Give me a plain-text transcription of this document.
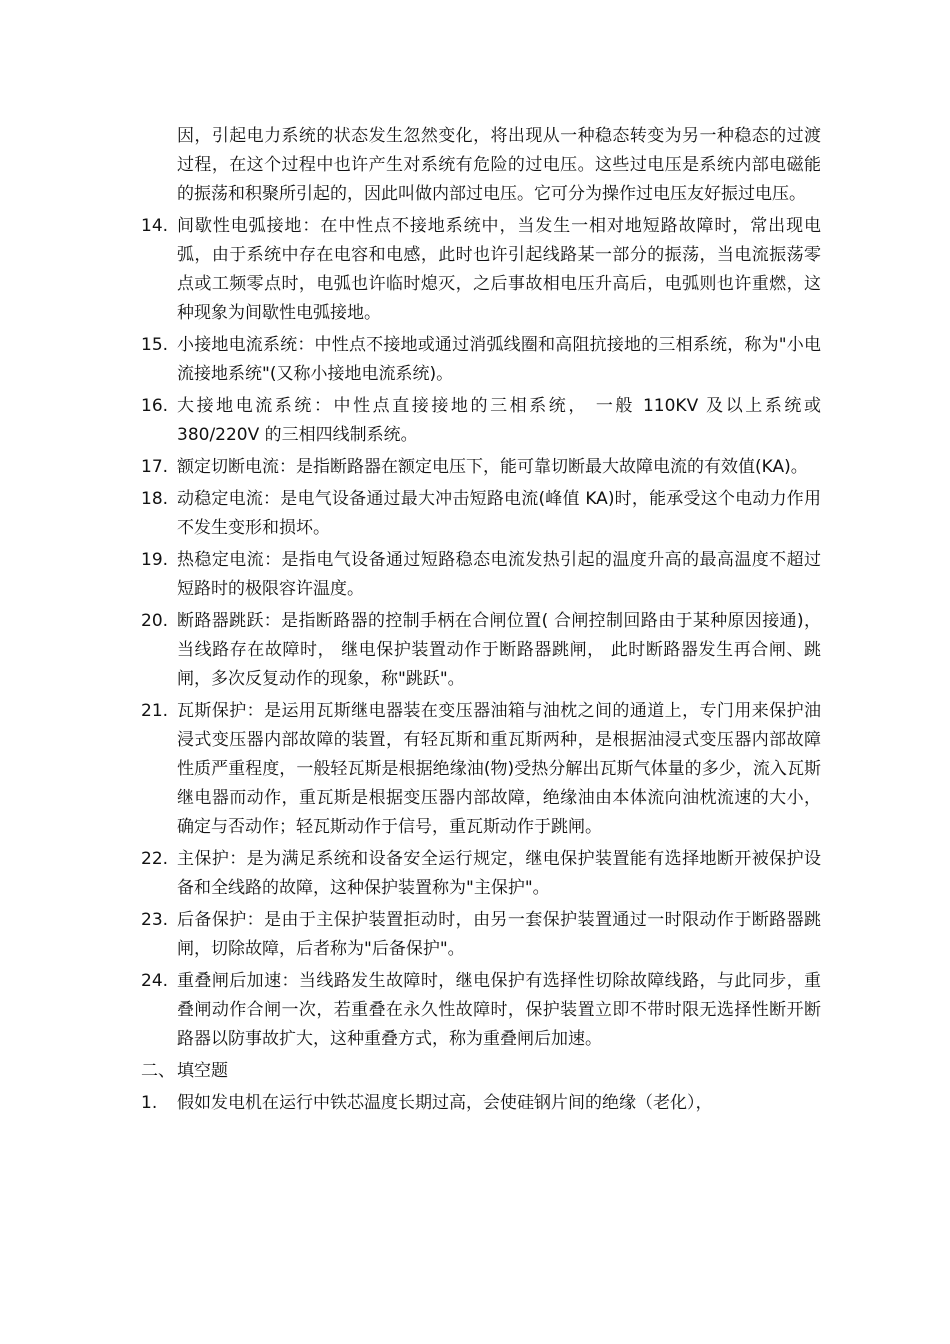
因，引起电力系统的状态发生忽然变化，将出现从一种稳态转变为另一种稳态的过渡过程，在这个过程中也许产生对系统有危险的过电压。这些过电压是系统内部电磁能的振荡和积聚所引起的，因此叫做内部过电压。它可分为操作过电压友好振过电压。
14. 间歇性电弧接地：在中性点不接地系统中，当发生一相对地短路故障时，常出现电弧，由于系统中存在电容和电感，此时也许引起线路某一部分的振荡，当电流振荡零点或工频零点时，电弧也许临时熄灭，之后事故相电压升高后，电弧则也许重燃，这种现象为间歇性电弧接地。
15. 小接地电流系统：中性点不接地或通过消弧线圈和高阻抗接地的三相系统，称为"小电流接地系统"(又称小接地电流系统)。
16. 大接地电流系统：中性点直接接地的三相系统， 一般 110KV 及以上系统或 380/220V 的三相四线制系统。
17. 额定切断电流：是指断路器在额定电压下，能可靠切断最大故障电流的有效值(KA)。
18. 动稳定电流：是电气设备通过最大冲击短路电流(峰值 KA)时，能承受这个电动力作用不发生变形和损坏。
19. 热稳定电流：是指电气设备通过短路稳态电流发热引起的温度升高的最高温度不超过短路时的极限容许温度。
20. 断路器跳跃：是指断路器的控制手柄在合闸位置( 合闸控制回路由于某种原因接通)，当线路存在故障时， 继电保护装置动作于断路器跳闸， 此时断路器发生再合闸、跳闸，多次反复动作的现象，称"跳跃"。
21. 瓦斯保护：是运用瓦斯继电器装在变压器油箱与油枕之间的通道上，专门用来保护油浸式变压器内部故障的装置，有轻瓦斯和重瓦斯两种，是根据油浸式变压器内部故障性质严重程度，一般轻瓦斯是根据绝缘油(物)受热分解出瓦斯气体量的多少，流入瓦斯继电器而动作，重瓦斯是根据变压器内部故障，绝缘油由本体流向油枕流速的大小，确定与否动作；轻瓦斯动作于信号，重瓦斯动作于跳闸。
22. 主保护：是为满足系统和设备安全运行规定，继电保护装置能有选择地断开被保护设备和全线路的故障，这种保护装置称为"主保护"。
23. 后备保护：是由于主保护装置拒动时，由另一套保护装置通过一时限动作于断路器跳闸，切除故障，后者称为"后备保护"。
24. 重叠闸后加速：当线路发生故障时，继电保护有选择性切除故障线路，与此同步，重叠闸动作合闸一次，若重叠在永久性故障时，保护装置立即不带时限无选择性断开断路器以防事故扩大，这种重叠方式，称为重叠闸后加速。
二、 填空题
1.	假如发电机在运行中铁芯温度长期过高，会使硅钢片间的绝缘（老化），
